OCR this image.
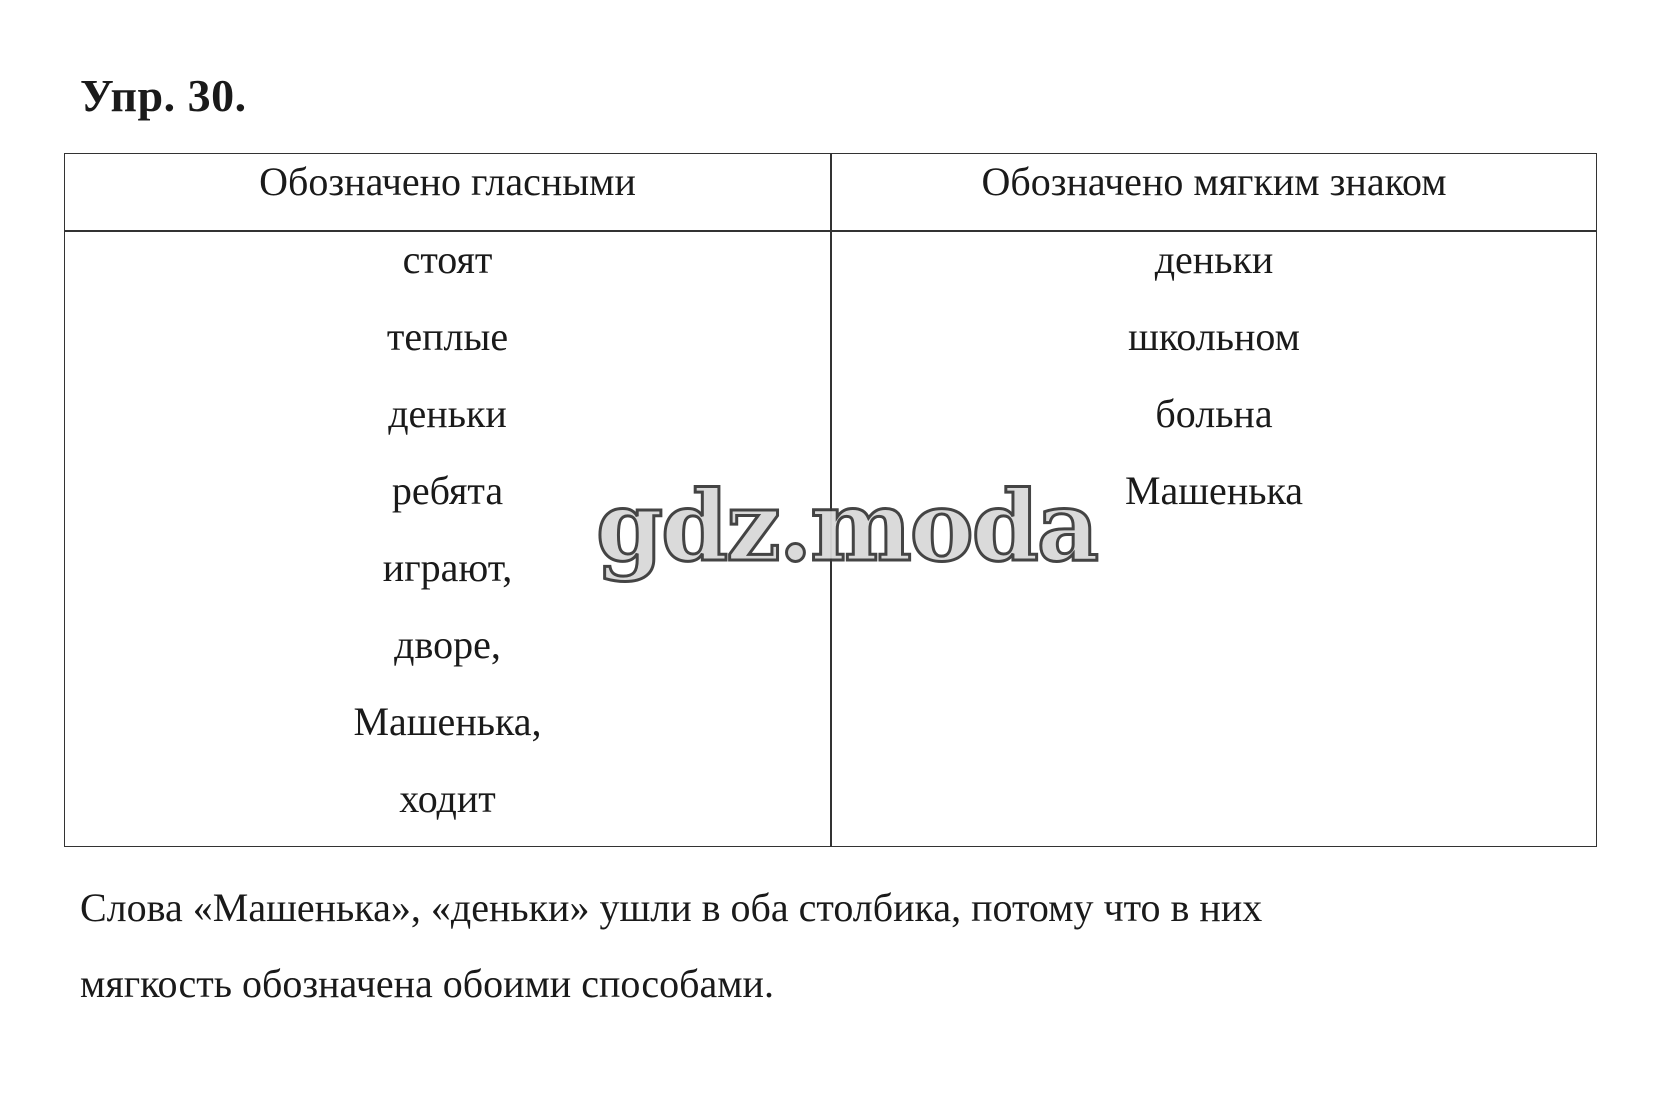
Упр. 30.
Обозначено гласными	Обозначено мягким знаком
стоят
теплые
деньки
ребята
играют,
дворе,
Машенька,
ходит
деньки
школьном
больна
Машенька
gdz.moda
Слова «Машенька», «деньки» ушли в оба столбика, потому что в них
мягкость обозначена обоими способами.
